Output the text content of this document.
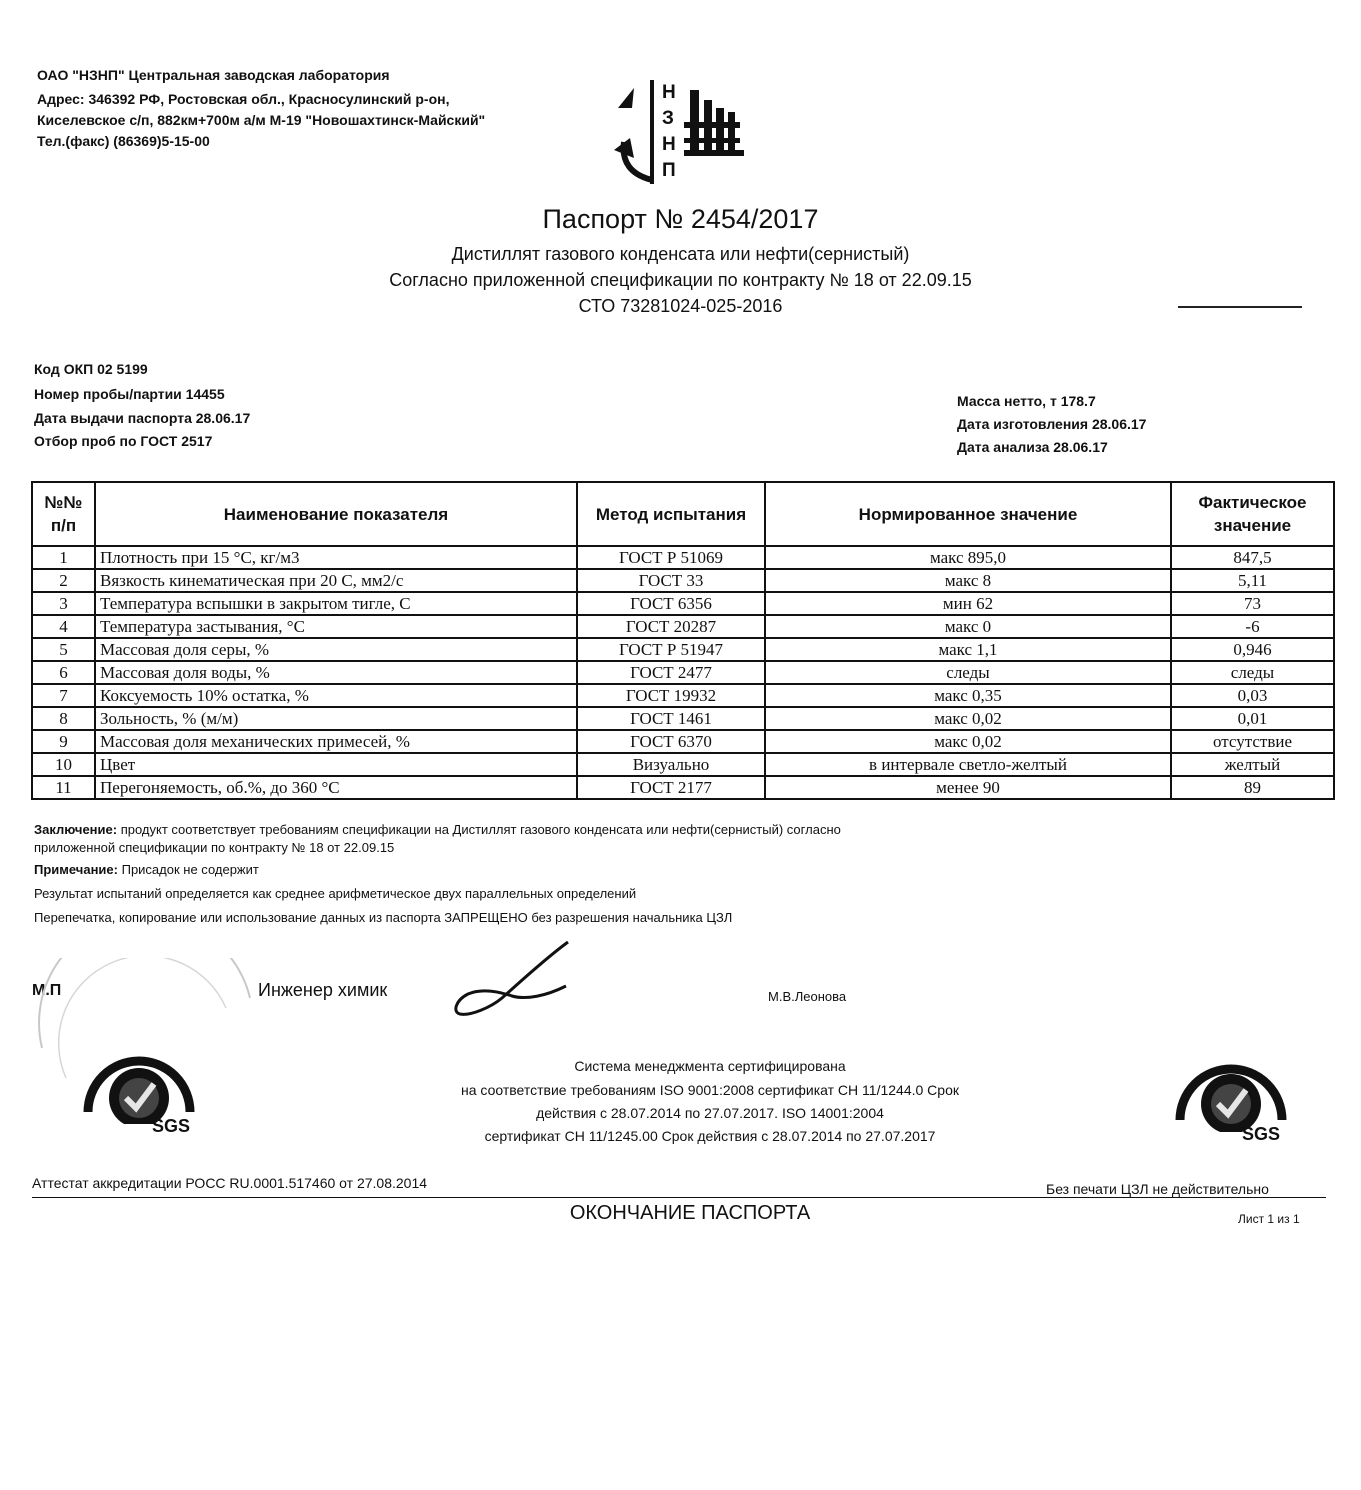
ОАО "НЗНП" Центральная заводская лаборатория
Адрес: 346392 РФ, Ростовская обл., Красносулинский р-он,
Киселевское с/п, 882км+700м а/м М-19 "Новошахтинск-Майский"
Тел.(факс) (86369)5-15-00
Н
З
Н
П
Паспорт № 2454/2017
Дистиллят газового конденсата или нефти(сернистый)
Согласно приложенной спецификации по контракту № 18 от 22.09.15
СТО 73281024-025-2016
Код ОКП 02 5199
Номер пробы/партии 14455
Дата выдачи паспорта 28.06.17
Отбор проб по ГОСТ 2517
Масса нетто, т 178.7
Дата изготовления 28.06.17
Дата анализа 28.06.17
№№ п/п	Наименование показателя	Метод испытания	Нормированное значение	Фактическое значение
1	Плотность при 15 °С, кг/м3	ГОСТ Р 51069	макс 895,0	847,5
2	Вязкость кинематическая при 20 С, мм2/с	ГОСТ 33	макс 8	5,11
3	Температура вспышки в закрытом тигле, С	ГОСТ 6356	мин 62	73
4	Температура застывания, °С	ГОСТ 20287	макс 0	-6
5	Массовая доля серы, %	ГОСТ Р 51947	макс 1,1	0,946
6	Массовая доля воды, %	ГОСТ 2477	следы	следы
7	Коксуемость 10% остатка, %	ГОСТ 19932	макс 0,35	0,03
8	Зольность, % (м/м)	ГОСТ 1461	макс 0,02	0,01
9	Массовая доля механических примесей, %	ГОСТ 6370	макс 0,02	отсутствие
10	Цвет	Визуально	в интервале светло-желтый	желтый
11	Перегоняемость, об.%, до 360 °С	ГОСТ 2177	менее 90	89
Заключение: продукт соответствует требованиям спецификации на Дистиллят газового конденсата или нефти(сернистый) согласно
приложенной спецификации по контракту № 18 от 22.09.15
Примечание: Присадок не содержит
Результат испытаний определяется как среднее арифметическое двух параллельных определений
Перепечатка, копирование или использование данных из паспорта ЗАПРЕЩЕНО без разрешения начальника ЦЗЛ
М.П	Инженер химик	М.В.Леонова
SGS
Система менеджмента сертифицирована
на соответствие требованиям ISO 9001:2008 сертификат СН 11/1244.0 Срок
действия с 28.07.2014 по 27.07.2017. ISO 14001:2004
сертификат СН 11/1245.00 Срок действия с 28.07.2014 по 27.07.2017	SGS
Аттестат аккредитации РОСС RU.0001.517460 от 27.08.2014	Без печати ЦЗЛ не действительно
ОКОНЧАНИЕ ПАСПОРТА	Лист 1 из 1
